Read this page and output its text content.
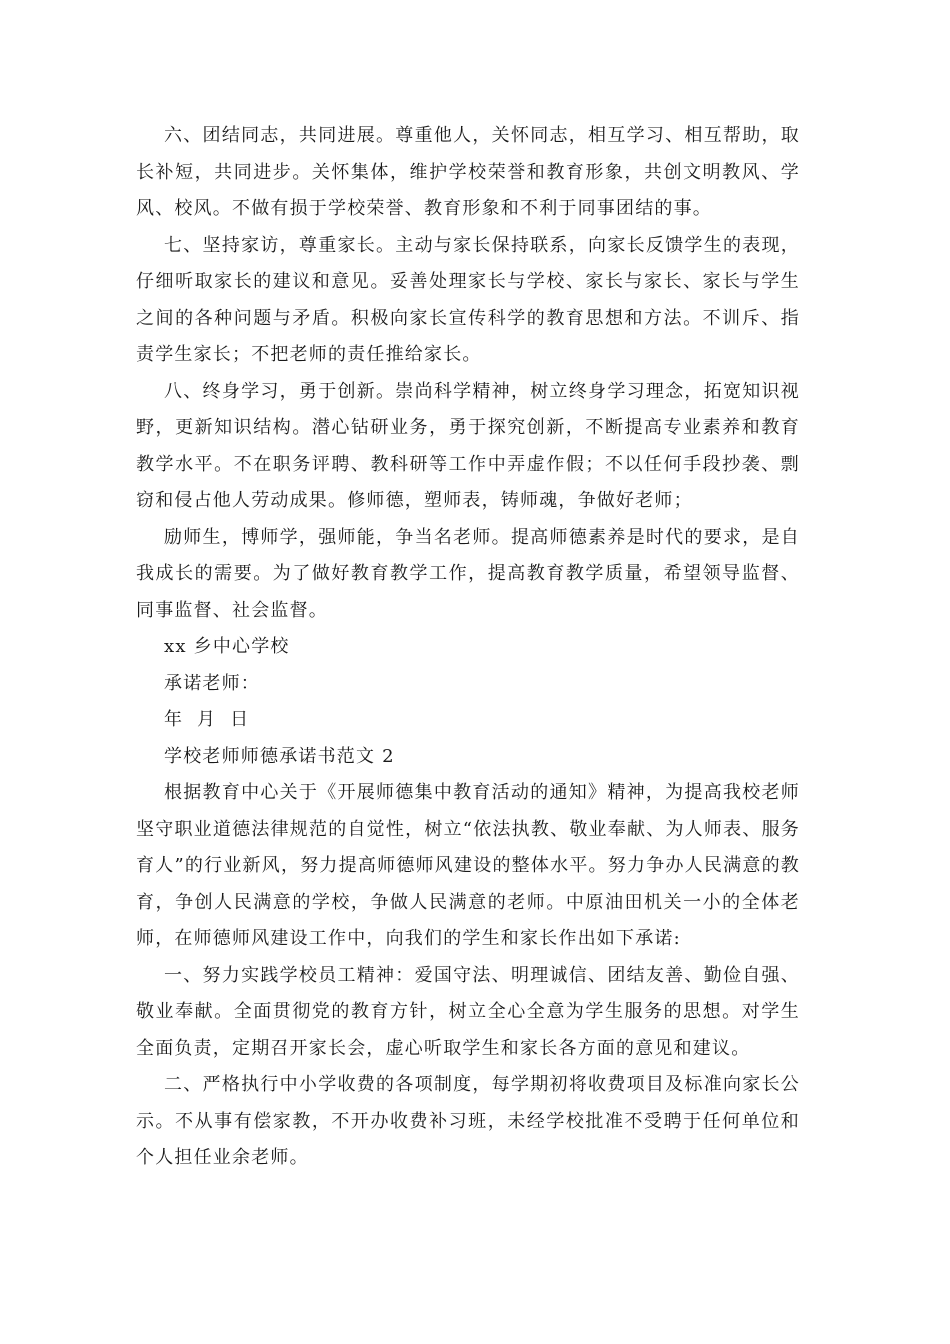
六、团结同志，共同进展。尊重他人，关怀同志，相互学习、相互帮助，取长补短，共同进步。关怀集体，维护学校荣誉和教育形象，共创文明教风、学风、校风。不做有损于学校荣誉、教育形象和不利于同事团结的事。

七、坚持家访，尊重家长。主动与家长保持联系，向家长反馈学生的表现，仔细听取家长的建议和意见。妥善处理家长与学校、家长与家长、家长与学生之间的各种问题与矛盾。积极向家长宣传科学的教育思想和方法。不训斥、指责学生家长；不把老师的责任推给家长。

八、终身学习，勇于创新。崇尚科学精神，树立终身学习理念，拓宽知识视野，更新知识结构。潜心钻研业务，勇于探究创新，不断提高专业素养和教育教学水平。不在职务评聘、教科研等工作中弄虚作假；不以任何手段抄袭、剽窃和侵占他人劳动成果。修师德，塑师表，铸师魂，争做好老师；

励师生，博师学，强师能，争当名老师。提高师德素养是时代的要求，是自我成长的需要。为了做好教育教学工作，提高教育教学质量，希望领导监督、同事监督、社会监督。

xx 乡中心学校

承诺老师：

年  月  日

学校老师师德承诺书范文 2

根据教育中心关于《开展师德集中教育活动的通知》精神，为提高我校老师坚守职业道德法律规范的自觉性，树立“依法执教、敬业奉献、为人师表、服务育人”的行业新风，努力提高师德师风建设的整体水平。努力争办人民满意的教育，争创人民满意的学校，争做人民满意的老师。中原油田机关一小的全体老师，在师德师风建设工作中，向我们的学生和家长作出如下承诺:

一、努力实践学校员工精神：爱国守法、明理诚信、团结友善、勤俭自强、敬业奉献。全面贯彻党的教育方针，树立全心全意为学生服务的思想。对学生全面负责，定期召开家长会，虚心听取学生和家长各方面的意见和建议。

二、严格执行中小学收费的各项制度，每学期初将收费项目及标准向家长公示。不从事有偿家教，不开办收费补习班，未经学校批准不受聘于任何单位和个人担任业余老师。
